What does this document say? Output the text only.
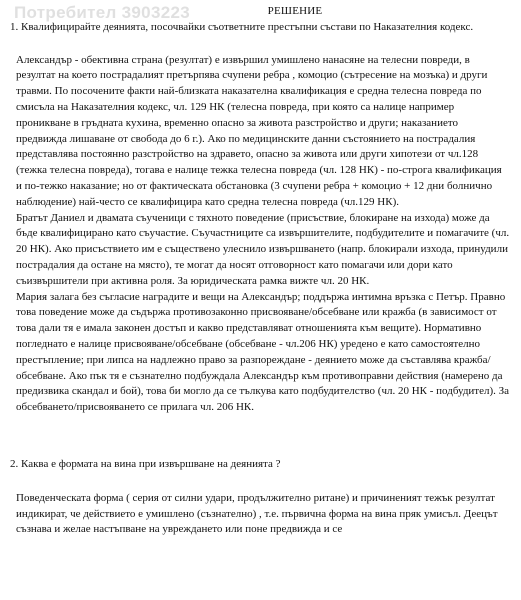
Потребител 3903223	РЕШЕНИЕ

1. Квалифицирайте деянията, посочвайки съответните престъпни състави по Наказателния кодекс.

Александър - обективна страна (резултат) е извършил умишлено нанасяне на телесни повреди, в резултат на което пострадалият претърпява счупени ребра , комоцио (сътресение на мозъка) и други травми. По посочените факти най-близката наказателна квалификация е средна телесна повреда по смисъла на Наказателния кодекс, чл. 129 НК (телесна повреда, при която са налице например проникване в гръдната кухина, временно опасно за живота разстройство и други; наказанието предвижда лишаване от свобода до 6 г.). Ако по медицинските данни състоянието на пострадалия представлява постоянно разстройство на здравето, опасно за живота или други хипотези от чл.128 (тежка телесна повреда), тогава е налице тежка телесна повреда (чл. 128 НК) - по-строга квалификация и по-тежко наказание; но от фактическата обстановка (3 счупени ребра + комоцио + 12 дни болнично наблюдение) най-често се квалифицира като средна телесна повреда (чл.129 НК).

Братът Даниел и двамата съученици с тяхното поведение (присъствие, блокиране на изхода) може да бъде квалифицирано като съучастие. Съучастниците са извършителите, подбудителите и помагачите (чл. 20 НК). Ако присъствието им е съществено улеснило извършването (напр. блокирали изхода, принудили пострадалия да остане на място), те могат да носят отговорност като помагачи или дори като съизвършители при активна роля. За юридическата рамка вижте чл. 20 НК.

Мария залага без съгласие наградите и вещи на Александър; поддържа интимна връзка с Петър. Правно това поведение може да съдържа противозаконно присвояване/обсебване или кражба (в зависимост от това дали тя е имала законен достъп и какво представляват отношенията към вещите). Нормативно погледнато е налице присвояване/обсебване (обсебване - чл.206 НК) уредено е като самостоятелно престъпление; при липса на надлежно право за разпореждане - деянието може да съставлява кражба/обсебване. Ако пък тя е съзнателно подбуждала Александър към противоправни действия (намерено да предизвика скандал и бой), това би могло да се тълкува като подбудителство (чл. 20 НК - подбудител). За обсебването/присвояването се прилага чл. 206 НК.

2. Каква е формата на вина при извършване на деянията ?

Поведенческата форма ( серия от силни удари, продължително ритане) и причиненият тежък резултат индикират, че действието е умишлено (съзнателно) , т.е. първична форма на вина пряк умисъл. Деецът съзнава и желае настъпване на увреждането или поне предвижда и се
